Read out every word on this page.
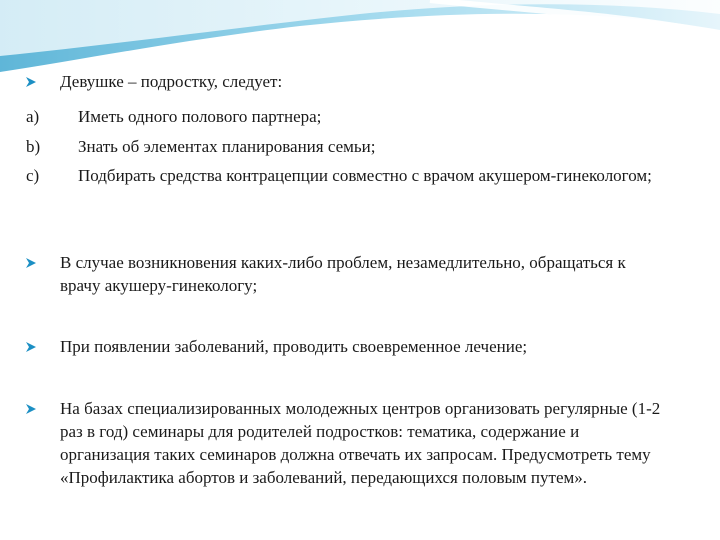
Девушке – подростку, следует:
a)	Иметь одного полового партнера;
b)	Знать об элементах планирования семьи;
c)	Подбирать средства контрацепции совместно с врачом акушером-гинекологом;
В случае возникновения каких-либо проблем, незамедлительно, обращаться к врачу акушеру-гинекологу;
При появлении заболеваний, проводить своевременное лечение;
На базах специализированных молодежных центров организовать регулярные (1-2 раз в год) семинары для родителей подростков: тематика, содержание и организация таких семинаров должна отвечать их запросам. Предусмотреть тему «Профилактика абортов и заболеваний, передающихся половым путем».
